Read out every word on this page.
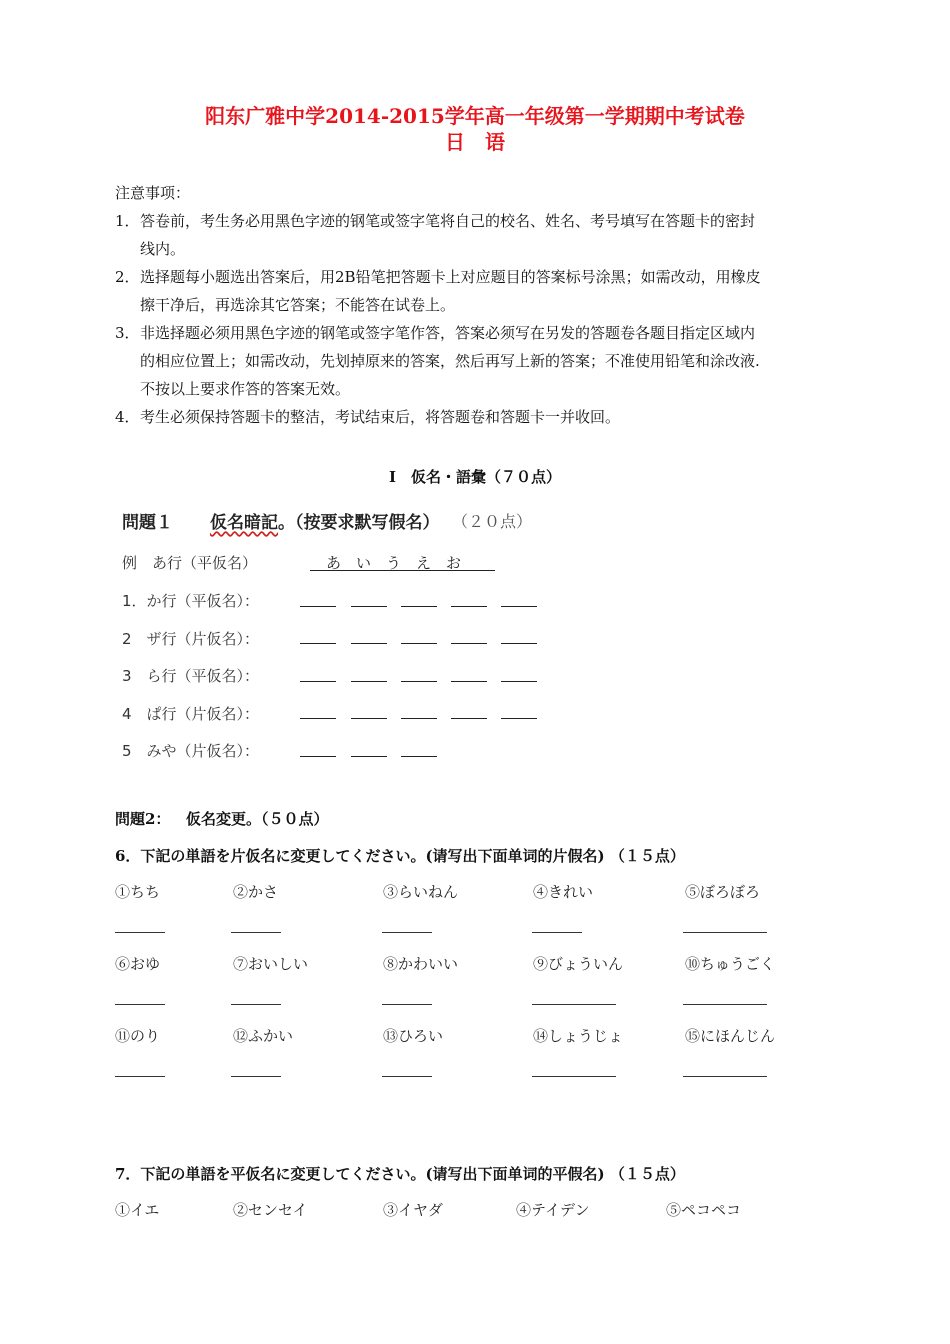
阳东广雅中学2014-2015学年高一年级第一学期期中考试卷
日　语
注意事项：
1． 答卷前，考生务必用黑色字迹的钢笔或签字笔将自己的校名、姓名、考号填写在答题卡的密封
线内。
2． 选择题每小题选出答案后，用2B铅笔把答题卡上对应题目的答案标号涂黑；如需改动，用橡皮
擦干净后，再选涂其它答案；不能答在试卷上。
3． 非选择题必须用黑色字迹的钢笔或签字笔作答，答案必须写在另发的答题卷各题目指定区域内
的相应位置上；如需改动，先划掉原来的答案，然后再写上新的答案；不准使用铅笔和涂改液.
不按以上要求作答的答案无效。
4． 考生必须保持答题卡的整洁，考试结束后，将答题卷和答题卡一并收回。
Ⅰ　仮名・語彙（７０点）
問題１ 仮名暗記。（按要求默写假名） （２０点）
例　あ行（平仮名）	あ　い　う　え　お
1．か行（平仮名）：
2　ザ行（片仮名）：
3　ら行（平仮名）：
4　ぱ行（片仮名）：
5　みや（片仮名）：
問題2： 仮名変更。（５０点）
6．下記の単語を片仮名に変更してください。(请写出下面单词的片假名) （１５点）
①ちち	②かさ	③らいねん	④きれい	⑤ぼろぼろ
⑥おゆ	⑦おいしい	⑧かわいい	⑨びょういん	⑩ちゅうごく
⑪のり	⑫ふかい	⑬ひろい	⑭しょうじょ	⑮にほんじん
7．下記の単語を平仮名に変更してください。(请写出下面单词的平假名) （１５点）
①イエ	②センセイ	③イヤダ	④テイデン	⑤ペコペコ
